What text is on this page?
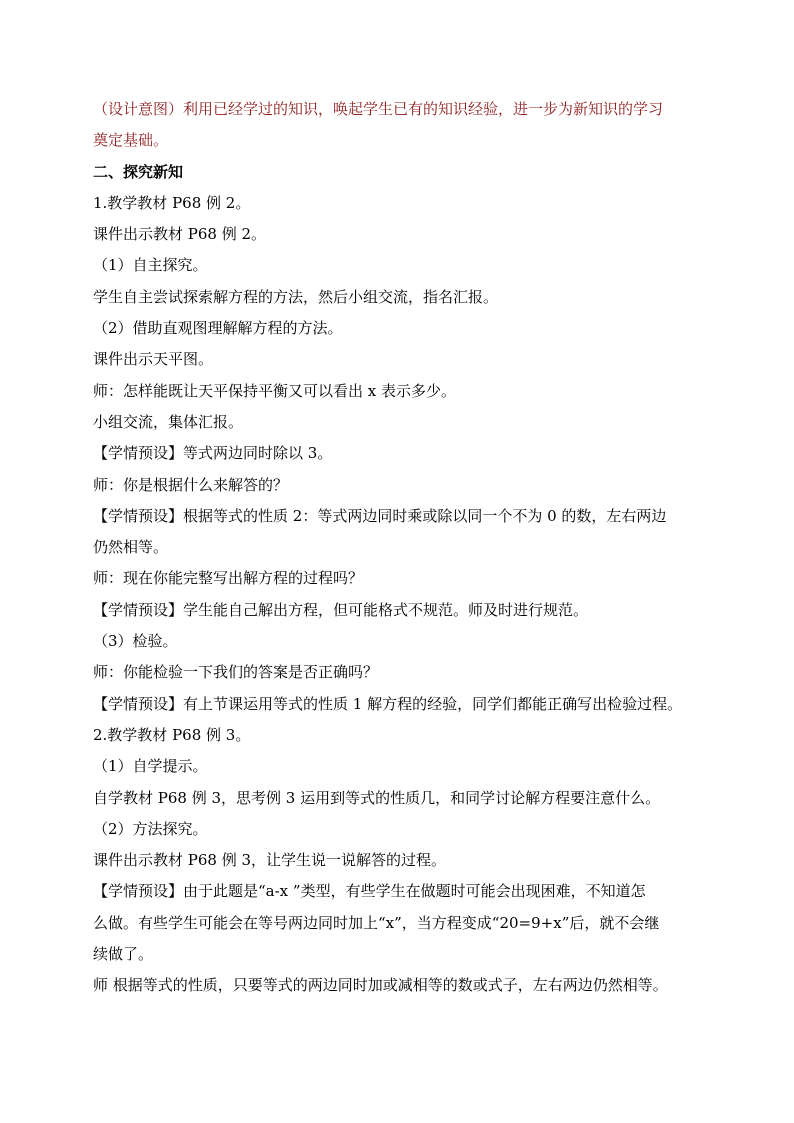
（设计意图）利用已经学过的知识，唤起学生已有的知识经验，进一步为新知识的学习
奠定基础。
二、探究新知
1.教学教材 P68 例 2。
课件出示教材 P68 例 2。
（1）自主探究。
学生自主尝试探索解方程的方法，然后小组交流，指名汇报。
（2）借助直观图理解解方程的方法。
课件出示天平图。
师：怎样能既让天平保持平衡又可以看出 x 表示多少。
小组交流，集体汇报。
【学情预设】等式两边同时除以 3。
师：你是根据什么来解答的？
【学情预设】根据等式的性质 2：等式两边同时乘或除以同一个不为 0 的数，左右两边
仍然相等。
师：现在你能完整写出解方程的过程吗？
【学情预设】学生能自己解出方程，但可能格式不规范。师及时进行规范。
（3）检验。
师：你能检验一下我们的答案是否正确吗？
【学情预设】有上节课运用等式的性质 1 解方程的经验，同学们都能正确写出检验过程。
2.教学教材 P68 例 3。
（1）自学提示。
自学教材 P68 例 3，思考例 3 运用到等式的性质几，和同学讨论解方程要注意什么。
（2）方法探究。
课件出示教材 P68 例 3，让学生说一说解答的过程。
【学情预设】由于此题是“a-x ”类型，有些学生在做题时可能会出现困难，不知道怎
么做。有些学生可能会在等号两边同时加上“x”，当方程变成“20=9+x”后，就不会继
续做了。
师 根据等式的性质，只要等式的两边同时加或减相等的数或式子，左右两边仍然相等。
